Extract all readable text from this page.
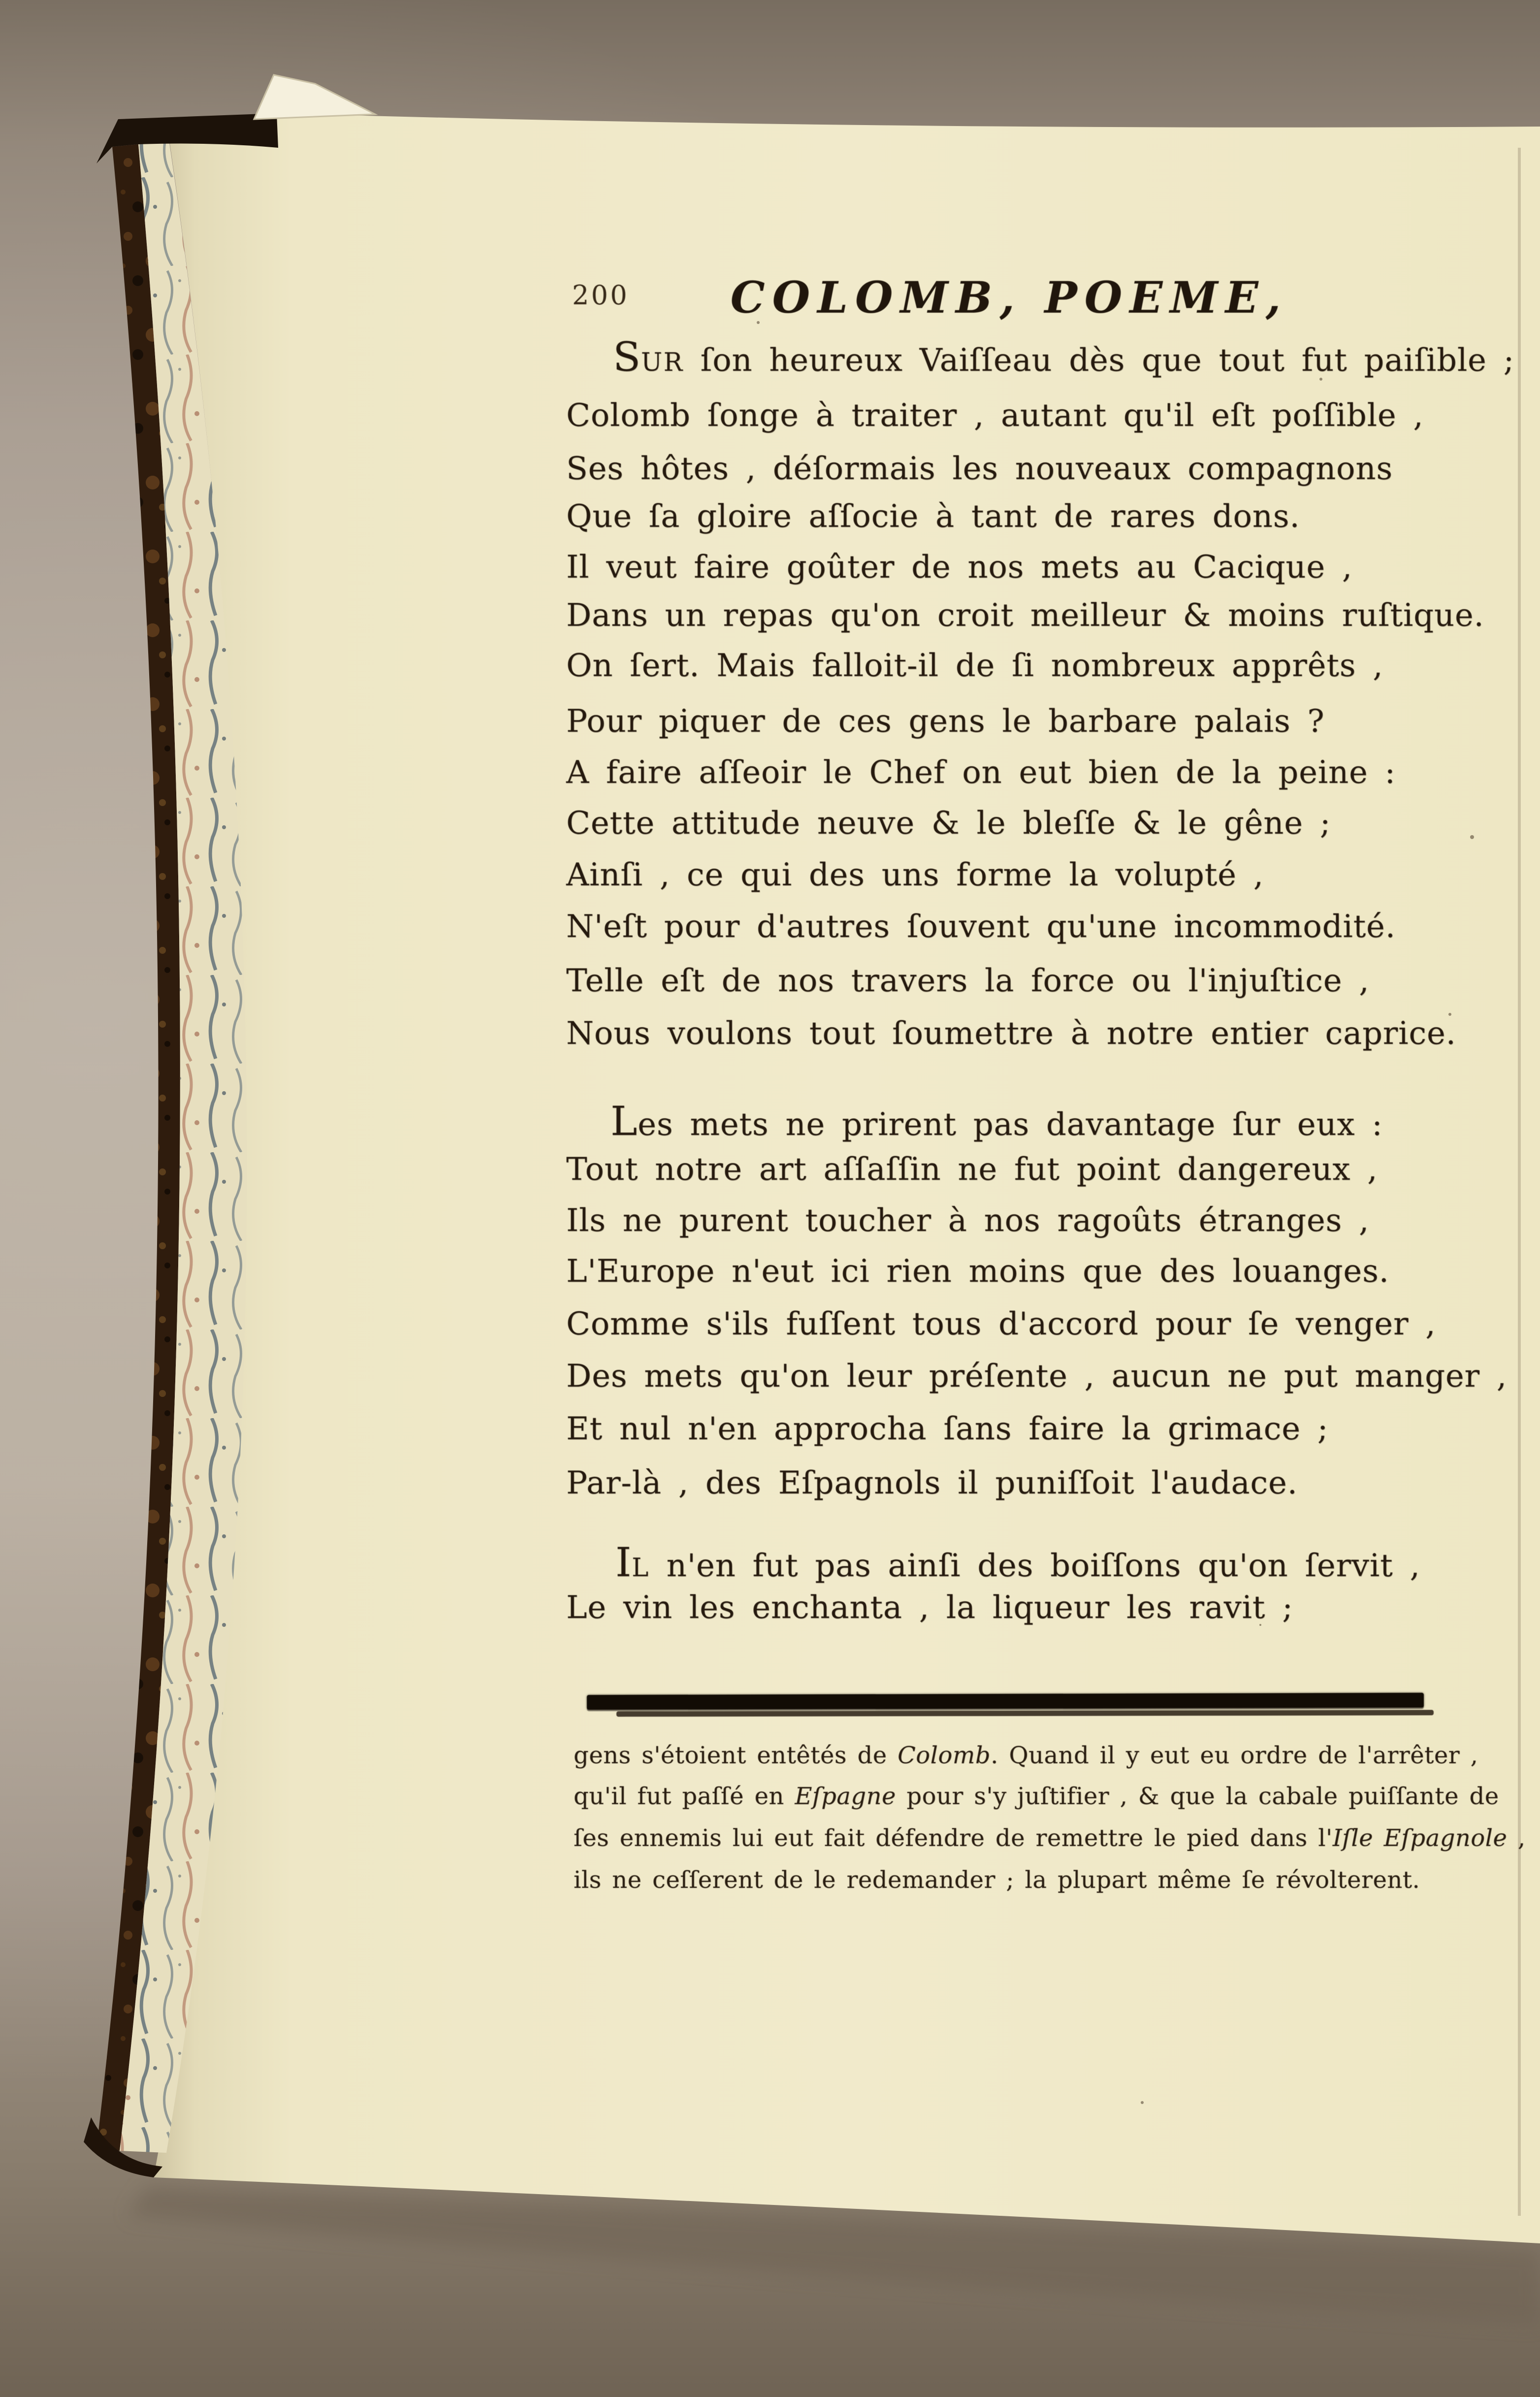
200	COLOMB, POEME,
SUR ſon heureux Vaiſſeau dès que tout fut paiſible ;
Colomb ſonge à traiter , autant qu'il eſt poſſible ,
Ses hôtes , déſormais les nouveaux compagnons
Que ſa gloire aſſocie à tant de rares dons.
Il veut faire goûter de nos mets au Cacique ,
Dans un repas qu'on croit meilleur & moins ruſtique.
On ſert. Mais falloit-il de ſi nombreux apprêts ,
Pour piquer de ces gens le barbare palais ?
A faire aſſeoir le Chef on eut bien de la peine :
Cette attitude neuve & le bleſſe & le gêne ;
Ainſi , ce qui des uns forme la volupté ,
N'eſt pour d'autres ſouvent qu'une incommodité.
Telle eſt de nos travers la force ou l'injuſtice ,
Nous voulons tout ſoumettre à notre entier caprice.
Les mets ne prirent pas davantage ſur eux :
Tout notre art aſſaſſin ne fut point dangereux ,
Ils ne purent toucher à nos ragoûts étranges ,
L'Europe n'eut ici rien moins que des louanges.
Comme s'ils fuſſent tous d'accord pour ſe venger ,
Des mets qu'on leur préſente , aucun ne put manger ,
Et nul n'en approcha ſans faire la grimace ;
Par-là , des Eſpagnols il puniſſoit l'audace.
IL n'en fut pas ainſi des boiſſons qu'on ſervit ,
Le vin les enchanta , la liqueur les ravit ;
gens s'étoient entêtés de Colomb. Quand il y eut eu ordre de l'arrêter ,
qu'il fut paſſé en Eſpagne pour s'y juſtifier , & que la cabale puiſſante de
ſes ennemis lui eut fait défendre de remettre le pied dans l'Iſle Eſpagnole ,
ils ne ceſſerent de le redemander ; la plupart même ſe révolterent.
